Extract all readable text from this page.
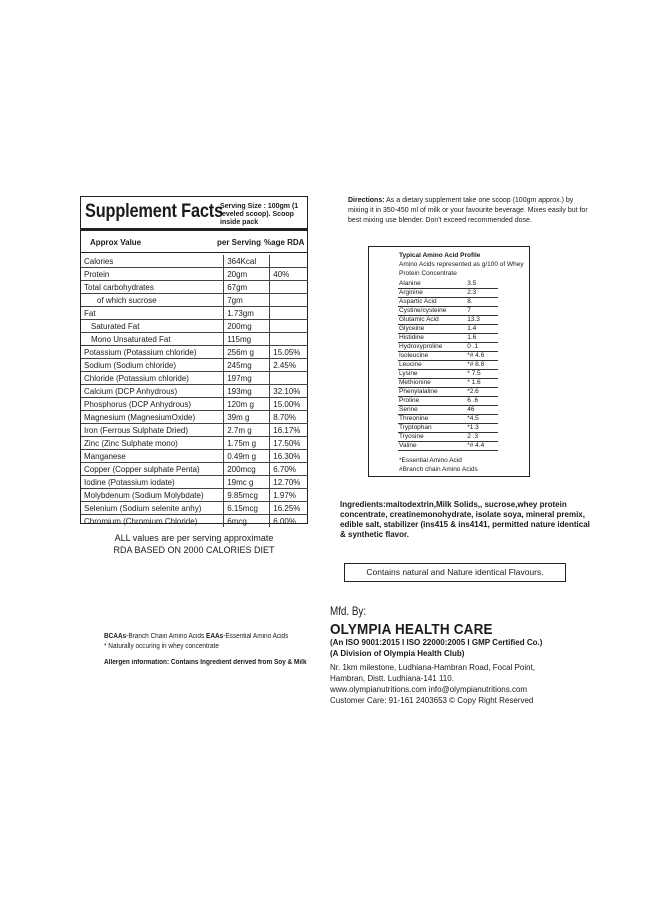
Supplement Facts
Serving Size : 100gm (1 leveled scoop). Scoop inside pack
Approx Value	per Serving %age RDA
Calories	364Kcal	
Protein	20gm	40%
Total carbohydrates	67gm	
of which sucrose	7gm	
Fat	1.73gm	
Saturated Fat	200mg	
Mono Unsaturated Fat	115mg	
Potassium (Potassium chloride)	256m g	15.05%
Sodium (Sodium chloride)	245mg	2.45%
Chloride (Potassium chloride)	197mg	
Calcium (DCP Anhydrous)	193mg	32.10%
Phosphorus (DCP Anhydrous)	120m g	15.00%
Magnesium (MagnesiumOxide)	39m g	8.70%
Iron (Ferrous Sulphate Dried)	2.7m g	16.17%
Zinc (Zinc Sulphate mono)	1.75m g	17.50%
Manganese	0.49m g	16.30%
Copper (Copper sulphate Penta)	200mcg	6.70%
Iodine (Potassium iodate)	19mc g	12.70%
Molybdenum (Sodium Molybdate)	9.85mcg	1.97%
Selenium (Sodium selenite anhy)	6.15mcg	16.25%
Chromium (Chromium Chloride)	6mcg	6.00%
ALL values are per serving approximate
RDA BASED ON 2000 CALORIES DIET
Directions: As a dietary supplement take one scoop (100gm approx.) by mixing it in 350-450 ml of milk or your favourite beverage. Mixes easily but for best mixing use blender. Don't exceed recommended dose.
Typical Amino Acid Profile
Amino Acids represented as g/100 of Whey Protein Concentrate
Alanine	3.5
Arginine	2.3
Aspartic Acid	8.
Cystine/cysteine	7
Glutamic Acid	13.3
Glyceine	1.4
Histidine	1.6
Hydroxyproline	0 .1
Isoleucine	*# 4.6
Leucine	*# 8.8
Lysine	* 7.5
Methionine	* 1.6
Phenylalaline	*2.6
Proline	6 .6
Serine	46
Threonine	*4.5
Tryptophan	*1.3
Tryosine	2 .3
Valine	*# 4.4
*Essential Amino Acid
#Branch chain Amino Acids
Ingredients:maitodextrin,Milk Solids,, sucrose,whey protein concentrate, creatinemonohydrate, isolate soya, mineral premix, edible salt, stabilizer (ins415 & ins4141, permitted nature identical & synthetic flavor.
Contains natural and Nature identical Flavours.
Mfd. By:
OLYMPIA HEALTH CARE
(An ISO 9001:2015 I ISO 22000:2005 I GMP Certified Co.)
(A Division of Olympia Health Club)
Nr. 1km milestone, Ludhiana-Hambran Road, Focal Point,
Hambran, Distt. Ludhiana-141 110.
www.olympianutritions.com info@olympianutritions.com
Customer Care: 91-161 2403653 © Copy Right Reserved
BCAAs-Branch Chain Amino Acids EAAs-Essential Amino Acids
* Naturally occuring in whey concentrate
Allergen information: Contains Ingredient derived from Soy & Milk
